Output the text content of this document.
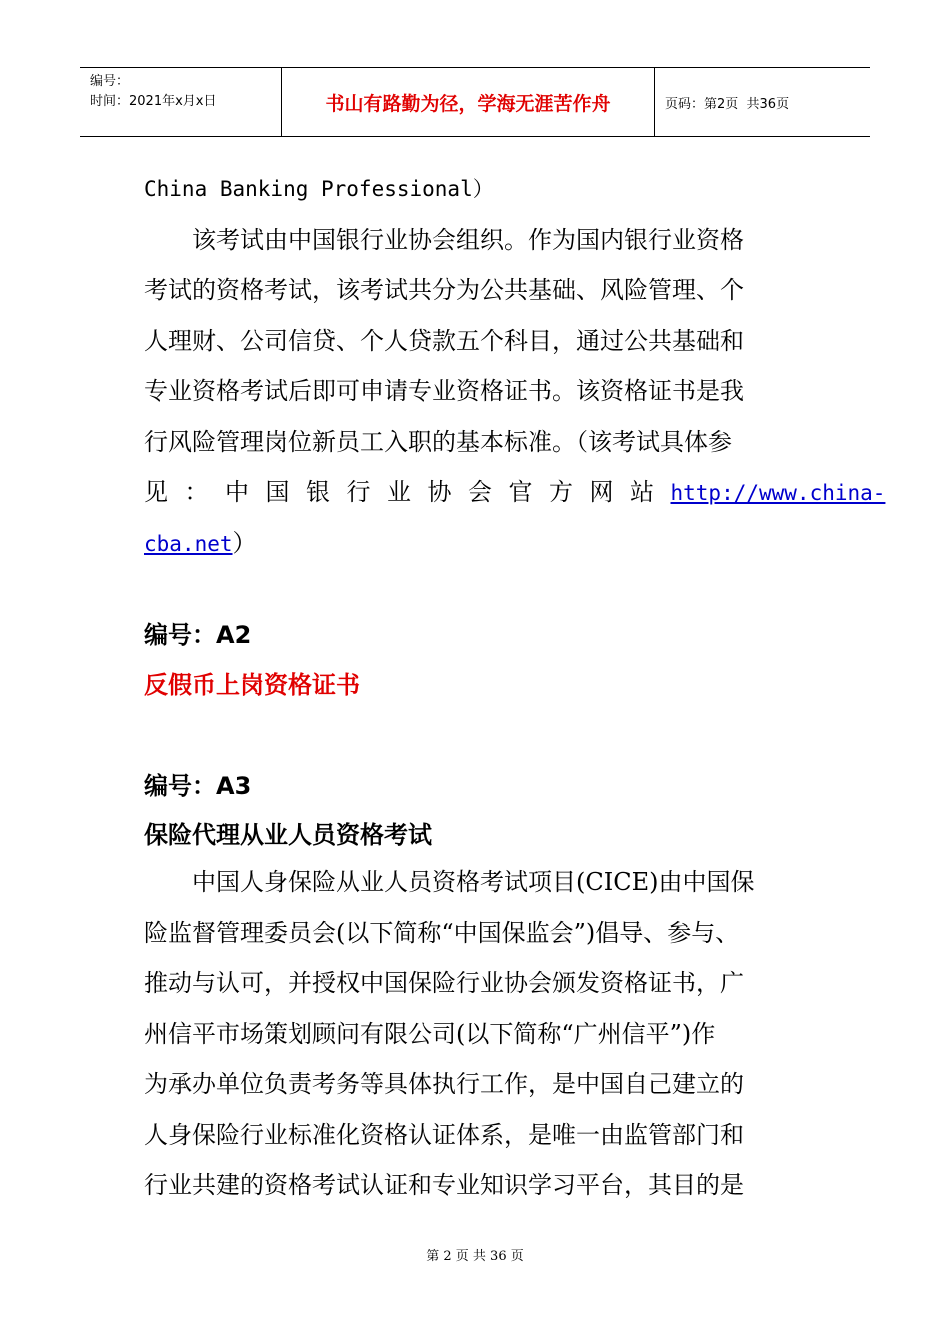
编号：
时间：2021年x月x日	书山有路勤为径，学海无涯苦作舟	页码：第2页  共36页
China Banking Professional）
该考试由中国银行业协会组织。作为国内银行业资格
考试的资格考试，该考试共分为公共基础、风险管理、个
人理财、公司信贷、个人贷款五个科目，通过公共基础和
专业资格考试后即可申请专业资格证书。该资格证书是我
行风险管理岗位新员工入职的基本标准。（该考试具体参
见：中国银行业协会官方网站http://www.china-
cba.net）
编号：A2
反假币上岗资格证书
编号：A3
保险代理从业人员资格考试
中国人身保险从业人员资格考试项目(CICE)由中国保
险监督管理委员会(以下简称“中国保监会”)倡导、参与、
推动与认可，并授权中国保险行业协会颁发资格证书，广
州信平市场策划顾问有限公司(以下简称“广州信平”)作
为承办单位负责考务等具体执行工作，是中国自己建立的
人身保险行业标准化资格认证体系，是唯一由监管部门和
行业共建的资格考试认证和专业知识学习平台，其目的是
第 2 页 共 36 页
